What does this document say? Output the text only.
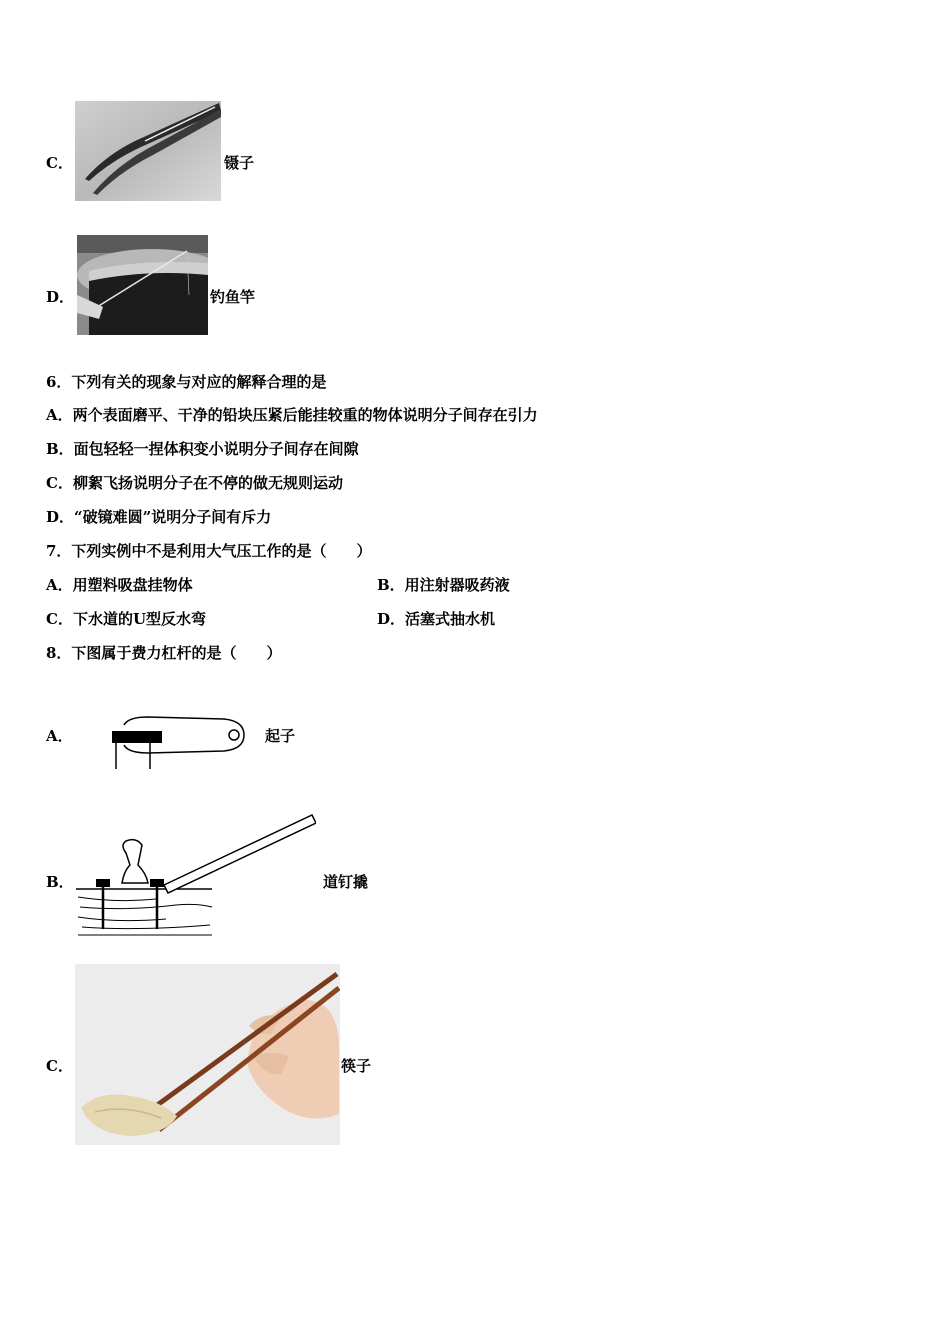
C．	镊子
D．	钓鱼竿
6．下列有关的现象与对应的解释合理的是
A．两个表面磨平、干净的铅块压紧后能挂较重的物体说明分子间存在引力
B．面包轻轻一捏体积变小说明分子间存在间隙
C．柳絮飞扬说明分子在不停的做无规则运动
D．“破镜难圆”说明分子间有斥力
7．下列实例中不是利用大气压工作的是（　　）
A．用塑料吸盘挂物体	B．用注射器吸药液
C．下水道的U型反水弯	D．活塞式抽水机
8．下图属于费力杠杆的是（　　）
A．	起子
B．	道钉撬
C．	筷子
